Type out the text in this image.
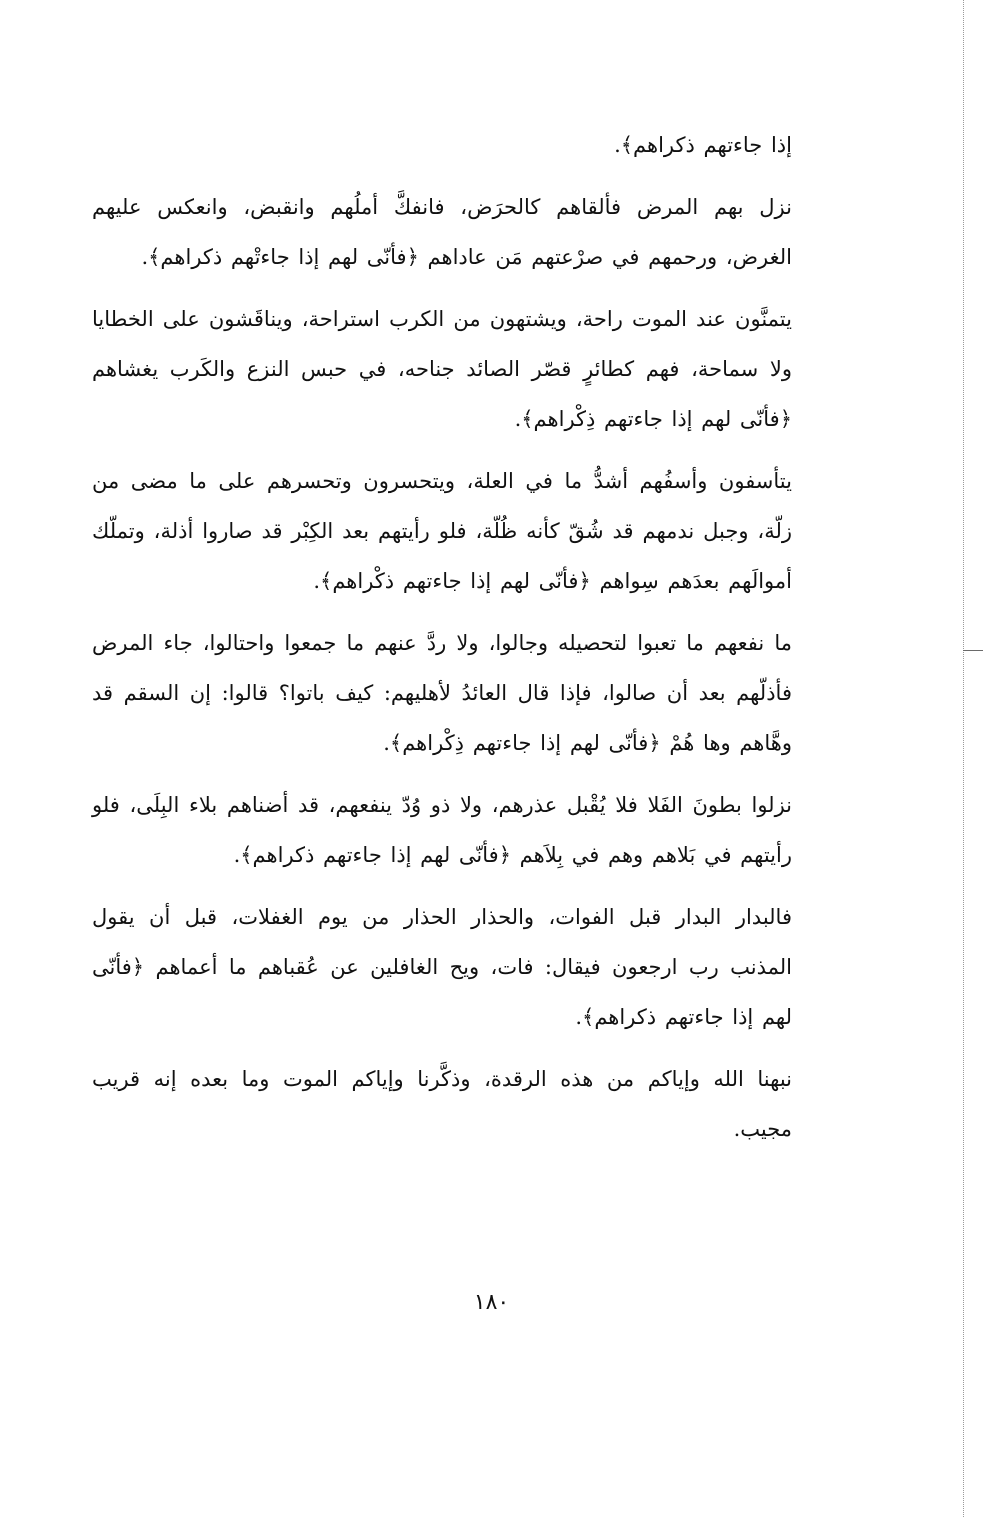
إذا جاءتهم ذكراهم﴾.

نزل بهم المرض فألقاهم كالحرَض، فانفكَّ أملُهم وانقبض، وانعكس عليهم الغرض، ورحمهم في صرْعتهم مَن عاداهم ﴿فأنّى لهم إذا جاءتْهم ذكراهم﴾.

يتمنَّون عند الموت راحة، ويشتهون من الكرب استراحة، ويناقَشون على الخطايا ولا سماحة، فهم كطائرٍ قصّر الصائد جناحه، في حبس النزع والكَرب يغشاهم ﴿فأنّى لهم إذا جاءتهم ذِكْراهم﴾.

يتأسفون وأسفُهم أشدُّ ما في العلة، ويتحسرون وتحسرهم على ما مضى من زلّة، وجبل ندمهم قد شُقّ كأنه ظُلّة، فلو رأيتهم بعد الكِبْر قد صاروا أذلة، وتملّك أموالَهم بعدَهم سِواهم ﴿فأنّى لهم إذا جاءتهم ذكْراهم﴾.

ما نفعهم ما تعبوا لتحصيله وجالوا، ولا ردَّ عنهم ما جمعوا واحتالوا، جاء المرض فأذلّهم بعد أن صالوا، فإذا قال العائدُ لأهليهم: كيف باتوا؟ قالوا: إن السقم قد وهَّاهم وها هُمْ ﴿فأنّى لهم إذا جاءتهم ذِكْراهم﴾.

نزلوا بطونَ الفَلا فلا يُقْبل عذرهم، ولا ذو وُدّ ينفعهم، قد أضناهم بلاء البِلَى، فلو رأيتهم في بَلاهم وهم في بِلاَهم ﴿فأنّى لهم إذا جاءتهم ذكراهم﴾.

فالبدار البدار قبل الفوات، والحذار الحذار من يوم الغفلات، قبل أن يقول المذنب رب ارجعون فيقال: فات، ويح الغافلين عن عُقباهم ما أعماهم ﴿فأنّى لهم إذا جاءتهم ذكراهم﴾.

نبهنا الله وإياكم من هذه الرقدة، وذكَّرنا وإياكم الموت وما بعده إنه قريب مجيب.

١٨٠
